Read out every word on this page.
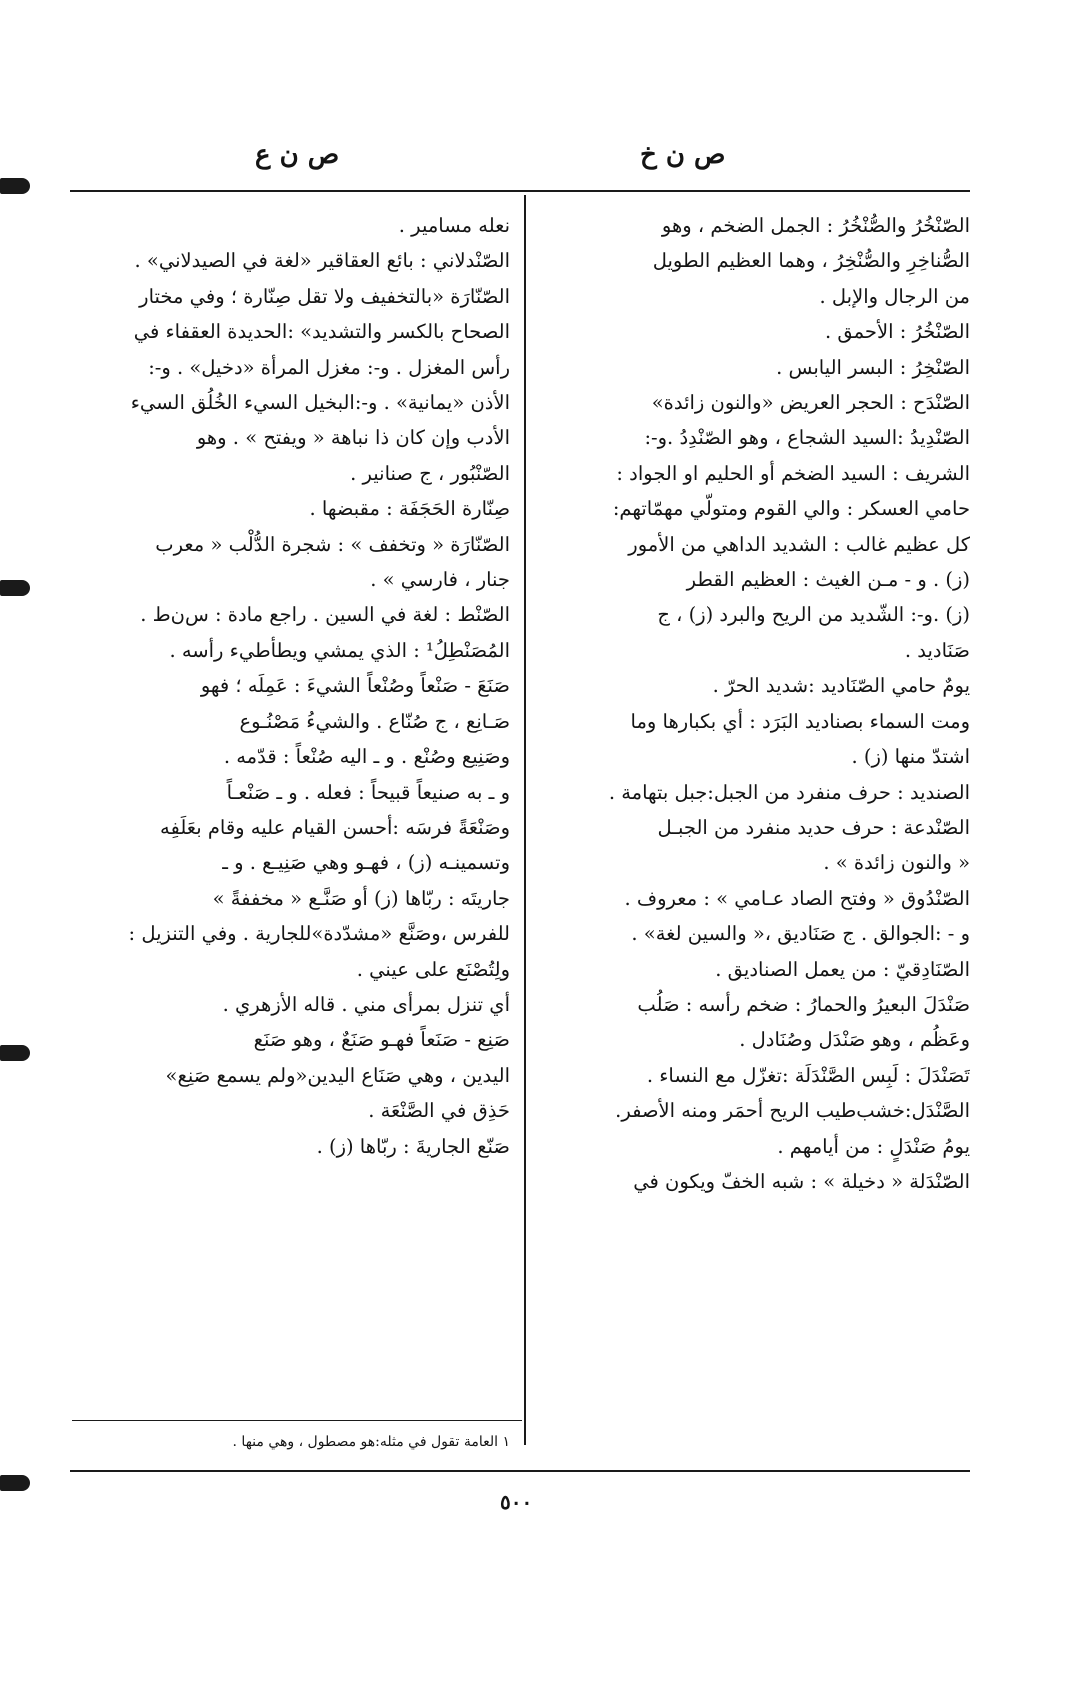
ص ن خ
ص ن ع

الصّنْخُرُ والصُّنْخُرُ : الجمل الضخم ، وهو

الصُّناخِرِ والصُّنْخِرُ ، وهما العظيم الطويل

من الرجال والإبل .

الصّنْخُرُ : الأحمق .

الصّنْخِرُ : البسر اليابس .

الصّنْدَح : الحجر العريض «والنون زائدة»

الصّنْدِيدُ :السيد الشجاع ، وهو الصّنْدِدُ .و-:

الشريف : السيد الضخم أو الحليم او الجواد :

حامي العسكر : والي القوم ومتولّي مهمّاتهم:

كل عظيم غالب : الشديد الداهي من الأمور

(ز) . و - مـن الغيث : العظيم القطر

(ز) .و-: الشّديد من الريح والبرد (ز) ، ج

صَنَاديد .

يومٌ حامي الصّنَاديد :شديد الحرّ .

ومت السماء بصناديد البَرَد : أي بكبارها وما

اشتدّ منها (ز) .

الصنديد : حرف منفرد من الجبل:جبل بتهامة .

الصّنْدعة : حرف حديد منفرد من الجبـل

« والنون زائدة » .

الصّنْدُوق « وفتح الصاد عـامي » : معروف .

و - :الجوالق . ج صَنَاديق ،« والسين لغة» .

الصّنَادِقيّ : من يعمل الصناديق .

صَنْدَلَ البعيرُ والحمارُ : ضخم رأسه : صَلُب

وعَظُم ، وهو صَنْدَل وصُنَادل .

تَصَنْدَلَ : لَبِس الصَّنْدَلَة :تغزّل مع النساء .

الصَّنْدَل:خشب‌طيب الريح أحمَر ومنه الأصفر.

يومُ صَنْدَلٍ : من أيامهم .

الصّنْدَلة « دخيلة » : شبه الخفّ ويكون في

نعله مسامير .

الصّنْدلاني : بائع العقاقير «لغة في الصيدلاني» .

الصّنّارَة «بالتخفيف ولا تقل صِنّارة ؛ وفي مختار

الصحاح بالكسر والتشديد» :الحديدة العقفاء في

رأس المغزل . و-: مغزل المرأة «دخيل» . و-:

الأذن «يمانية» . و-:البخيل السيء الخُلُق السيء

الأدب وإن كان ذا نباهة « ويفتح » . وهو

الصّنْبُور ، ج صنانير .

صِنّارة الحَجَفَة : مقبضها .

الصّنّارَة « وتخفف » : شجرة الدُّلْب « معرب

جنار ، فارسي » .

الصّنْط : لغة في السين . راجع مادة : س‌ن‌ط .

المُصَنْطِلُ¹ : الذي يمشي ويطأطيء رأسه .

صَنَعَ - صَنْعاً وصُنْعاً الشيءَ : عَمِلَه ؛ فهو

صَـانِع ، ج صُنّاع . والشيءُ مَصْنُـوع

وصَنِيع وصُنْع . و ـ اليه صُنْعاً : قدّمه .

و ـ به صنيعاً قبيحاً : فعله . و ـ صَنْعـاً

وصَنْعَةً فرسَه :أحسن القيام عليه وقام بعَلَفِه

وتسمينـه (ز) ، فهـو وهي صَنِيـع . و ـ

جاريتَه : ربّاها (ز) أو صَنَّـع « مخففةً »

للفرس ،وصَنَّع «مشدّدة»للجارية . وفي التنزيل :

ولِتُصْنَع على عيني .

أي تنزل بمرأى مني . قاله الأزهري .

صَنِع - صَنَعاً فهـو صَنَعٌ ، وهو صَنَع

اليدين ، وهي صَنَاع اليدين«ولم يسمع صَنِع»

حَذِق في الصَّنْعَة .

صَنّع الجاريةَ : ربّاها (ز) .

١ العامة تقول في مثله:هو مصطول ، وهي منها .
٥٠٠
